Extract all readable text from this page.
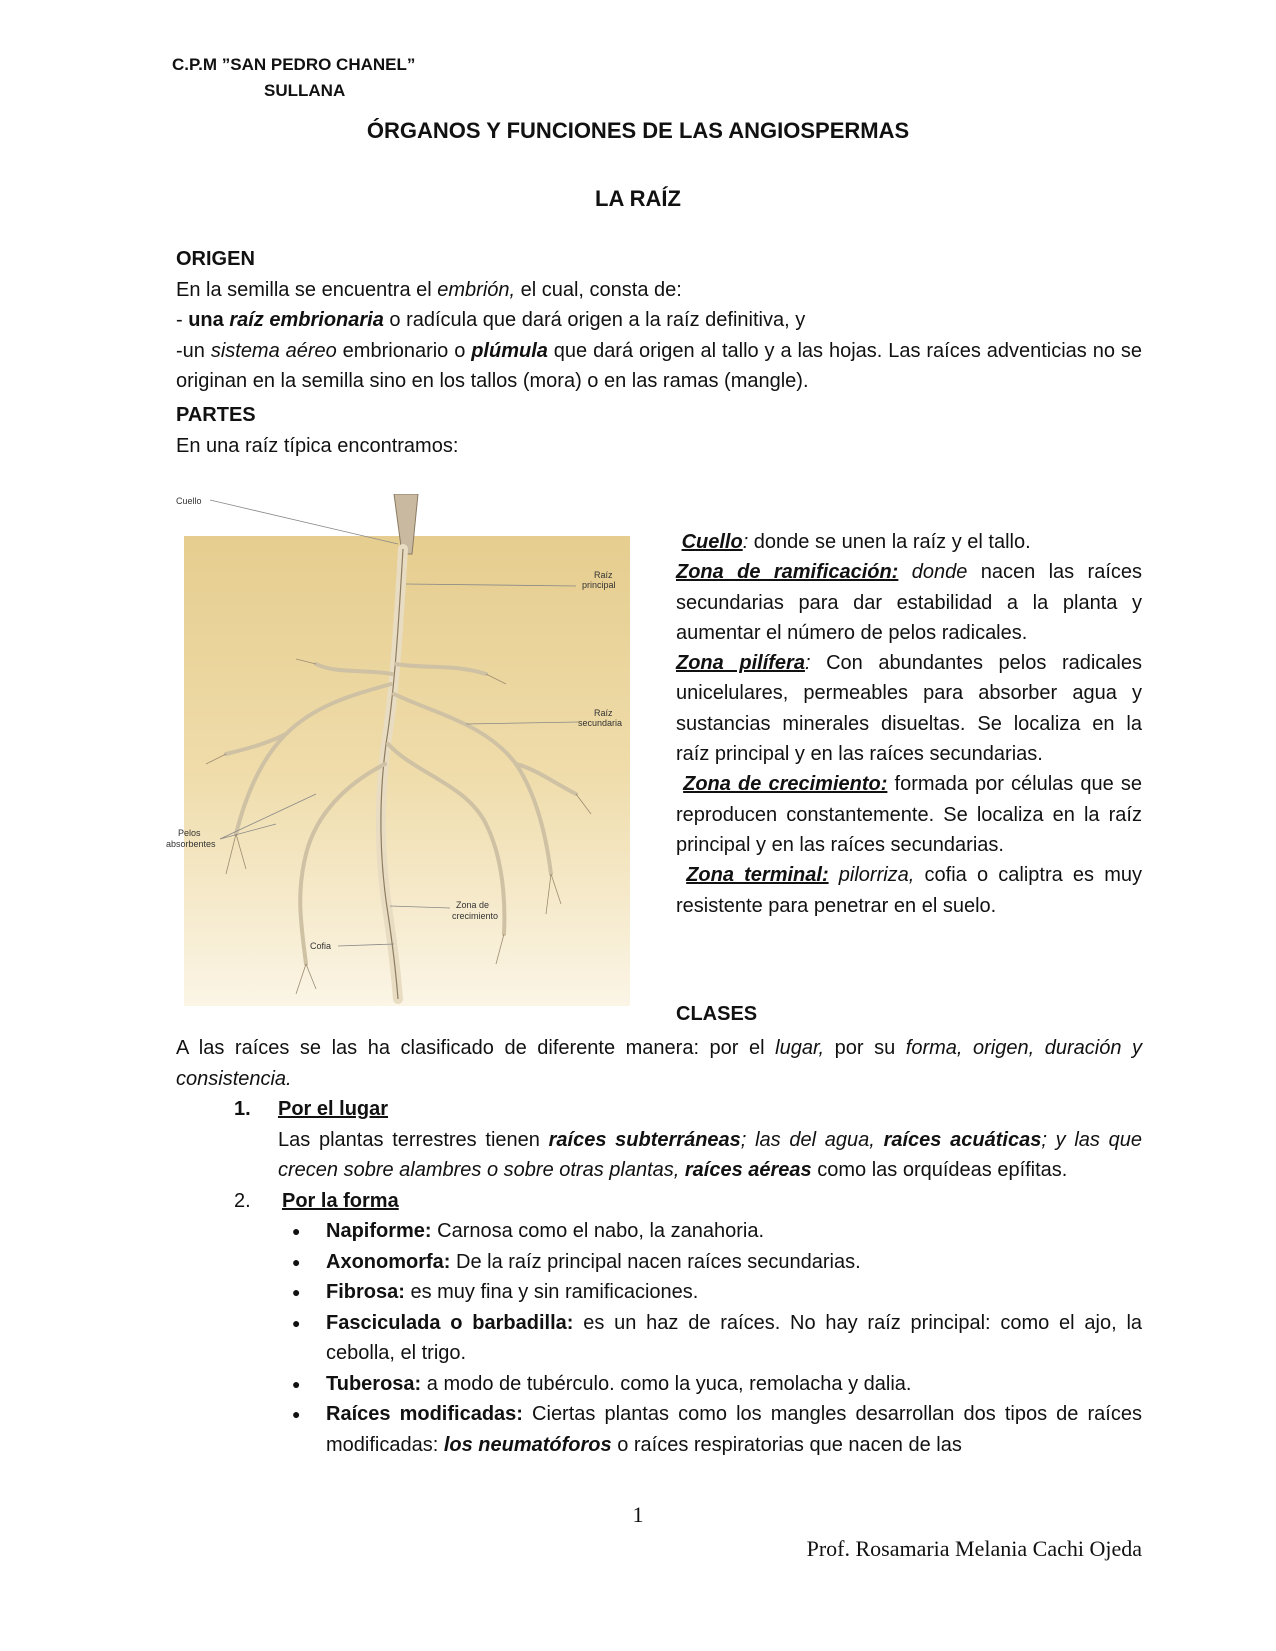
C.P.M ”SAN PEDRO CHANEL”
SULLANA
ÓRGANOS Y FUNCIONES DE LAS ANGIOSPERMAS
LA RAÍZ
ORIGEN
En la semilla se encuentra el embrión, el cual, consta de:
- una raíz embrionaria o radícula que dará origen a la raíz definitiva, y
-un sistema aéreo embrionario o plúmula que dará origen al tallo y a las hojas. Las raíces adventicias no se originan en la semilla sino en los tallos (mora) o en las ramas (mangle).
PARTES
En una raíz típica encontramos:
Cuello
Raíz
principal
Raíz
secundaria
Pelos
absorbentes
Zona de
crecimiento
Cofia
Cuello: donde se unen la raíz y el tallo.
Zona de ramificación: donde nacen las raíces secundarias para dar estabilidad a la planta y aumentar el número de pelos radicales.
Zona pilífera: Con abundantes pelos radicales unicelulares, permeables para absorber agua y sustancias minerales disueltas. Se localiza en la raíz principal y en las raíces secundarias.
Zona de crecimiento: formada por células que se reproducen constantemente. Se localiza en la raíz principal y en las raíces secundarias.
Zona terminal: pilorriza, cofia o caliptra es muy resistente para penetrar en el suelo.
CLASES
A las raíces se las ha clasificado de diferente manera: por el lugar, por su forma, origen, duración y consistencia.
1. Por el lugar
Las plantas terrestres tienen raíces subterráneas; las del agua, raíces acuáticas; y las que crecen sobre alambres o sobre otras plantas, raíces aéreas como las orquídeas epífitas.
2. Por la forma
● Napiforme: Carnosa como el nabo, la zanahoria.
● Axonomorfa: De la raíz principal nacen raíces secundarias.
● Fibrosa: es muy fina y sin ramificaciones.
● Fasciculada o barbadilla: es un haz de raíces. No hay raíz principal: como el ajo, la cebolla, el trigo.
● Tuberosa: a modo de tubérculo. como la yuca, remolacha y dalia.
● Raíces modificadas: Ciertas plantas como los mangles desarrollan dos tipos de raíces modificadas: los neumatóforos o raíces respiratorias que nacen de las
1
Prof. Rosamaria Melania Cachi Ojeda
